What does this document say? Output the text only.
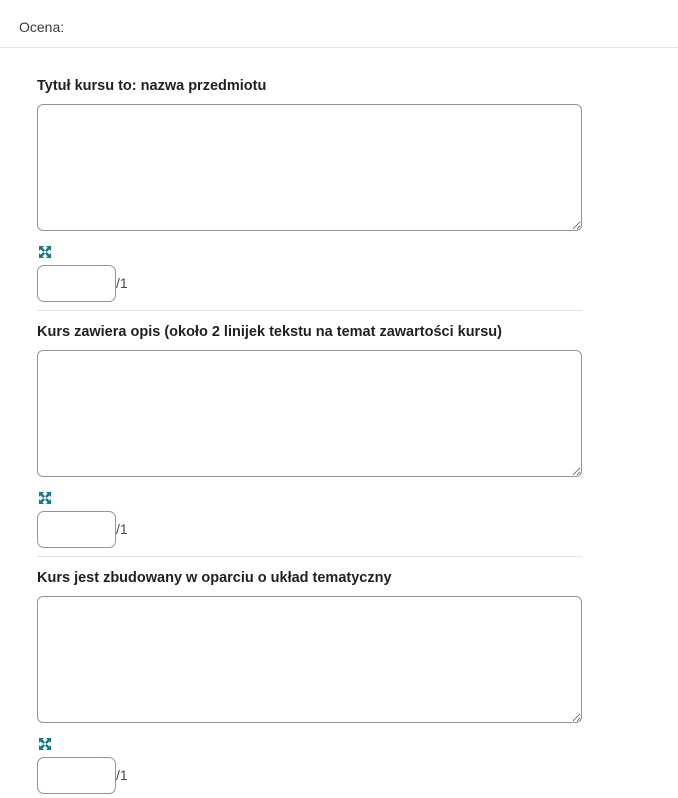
Ocena:
Tytuł kursu to: nazwa przedmiotu
/1
Kurs zawiera opis (około 2 linijek tekstu na temat zawartości kursu)
/1
Kurs jest zbudowany w oparciu o układ tematyczny
/1
